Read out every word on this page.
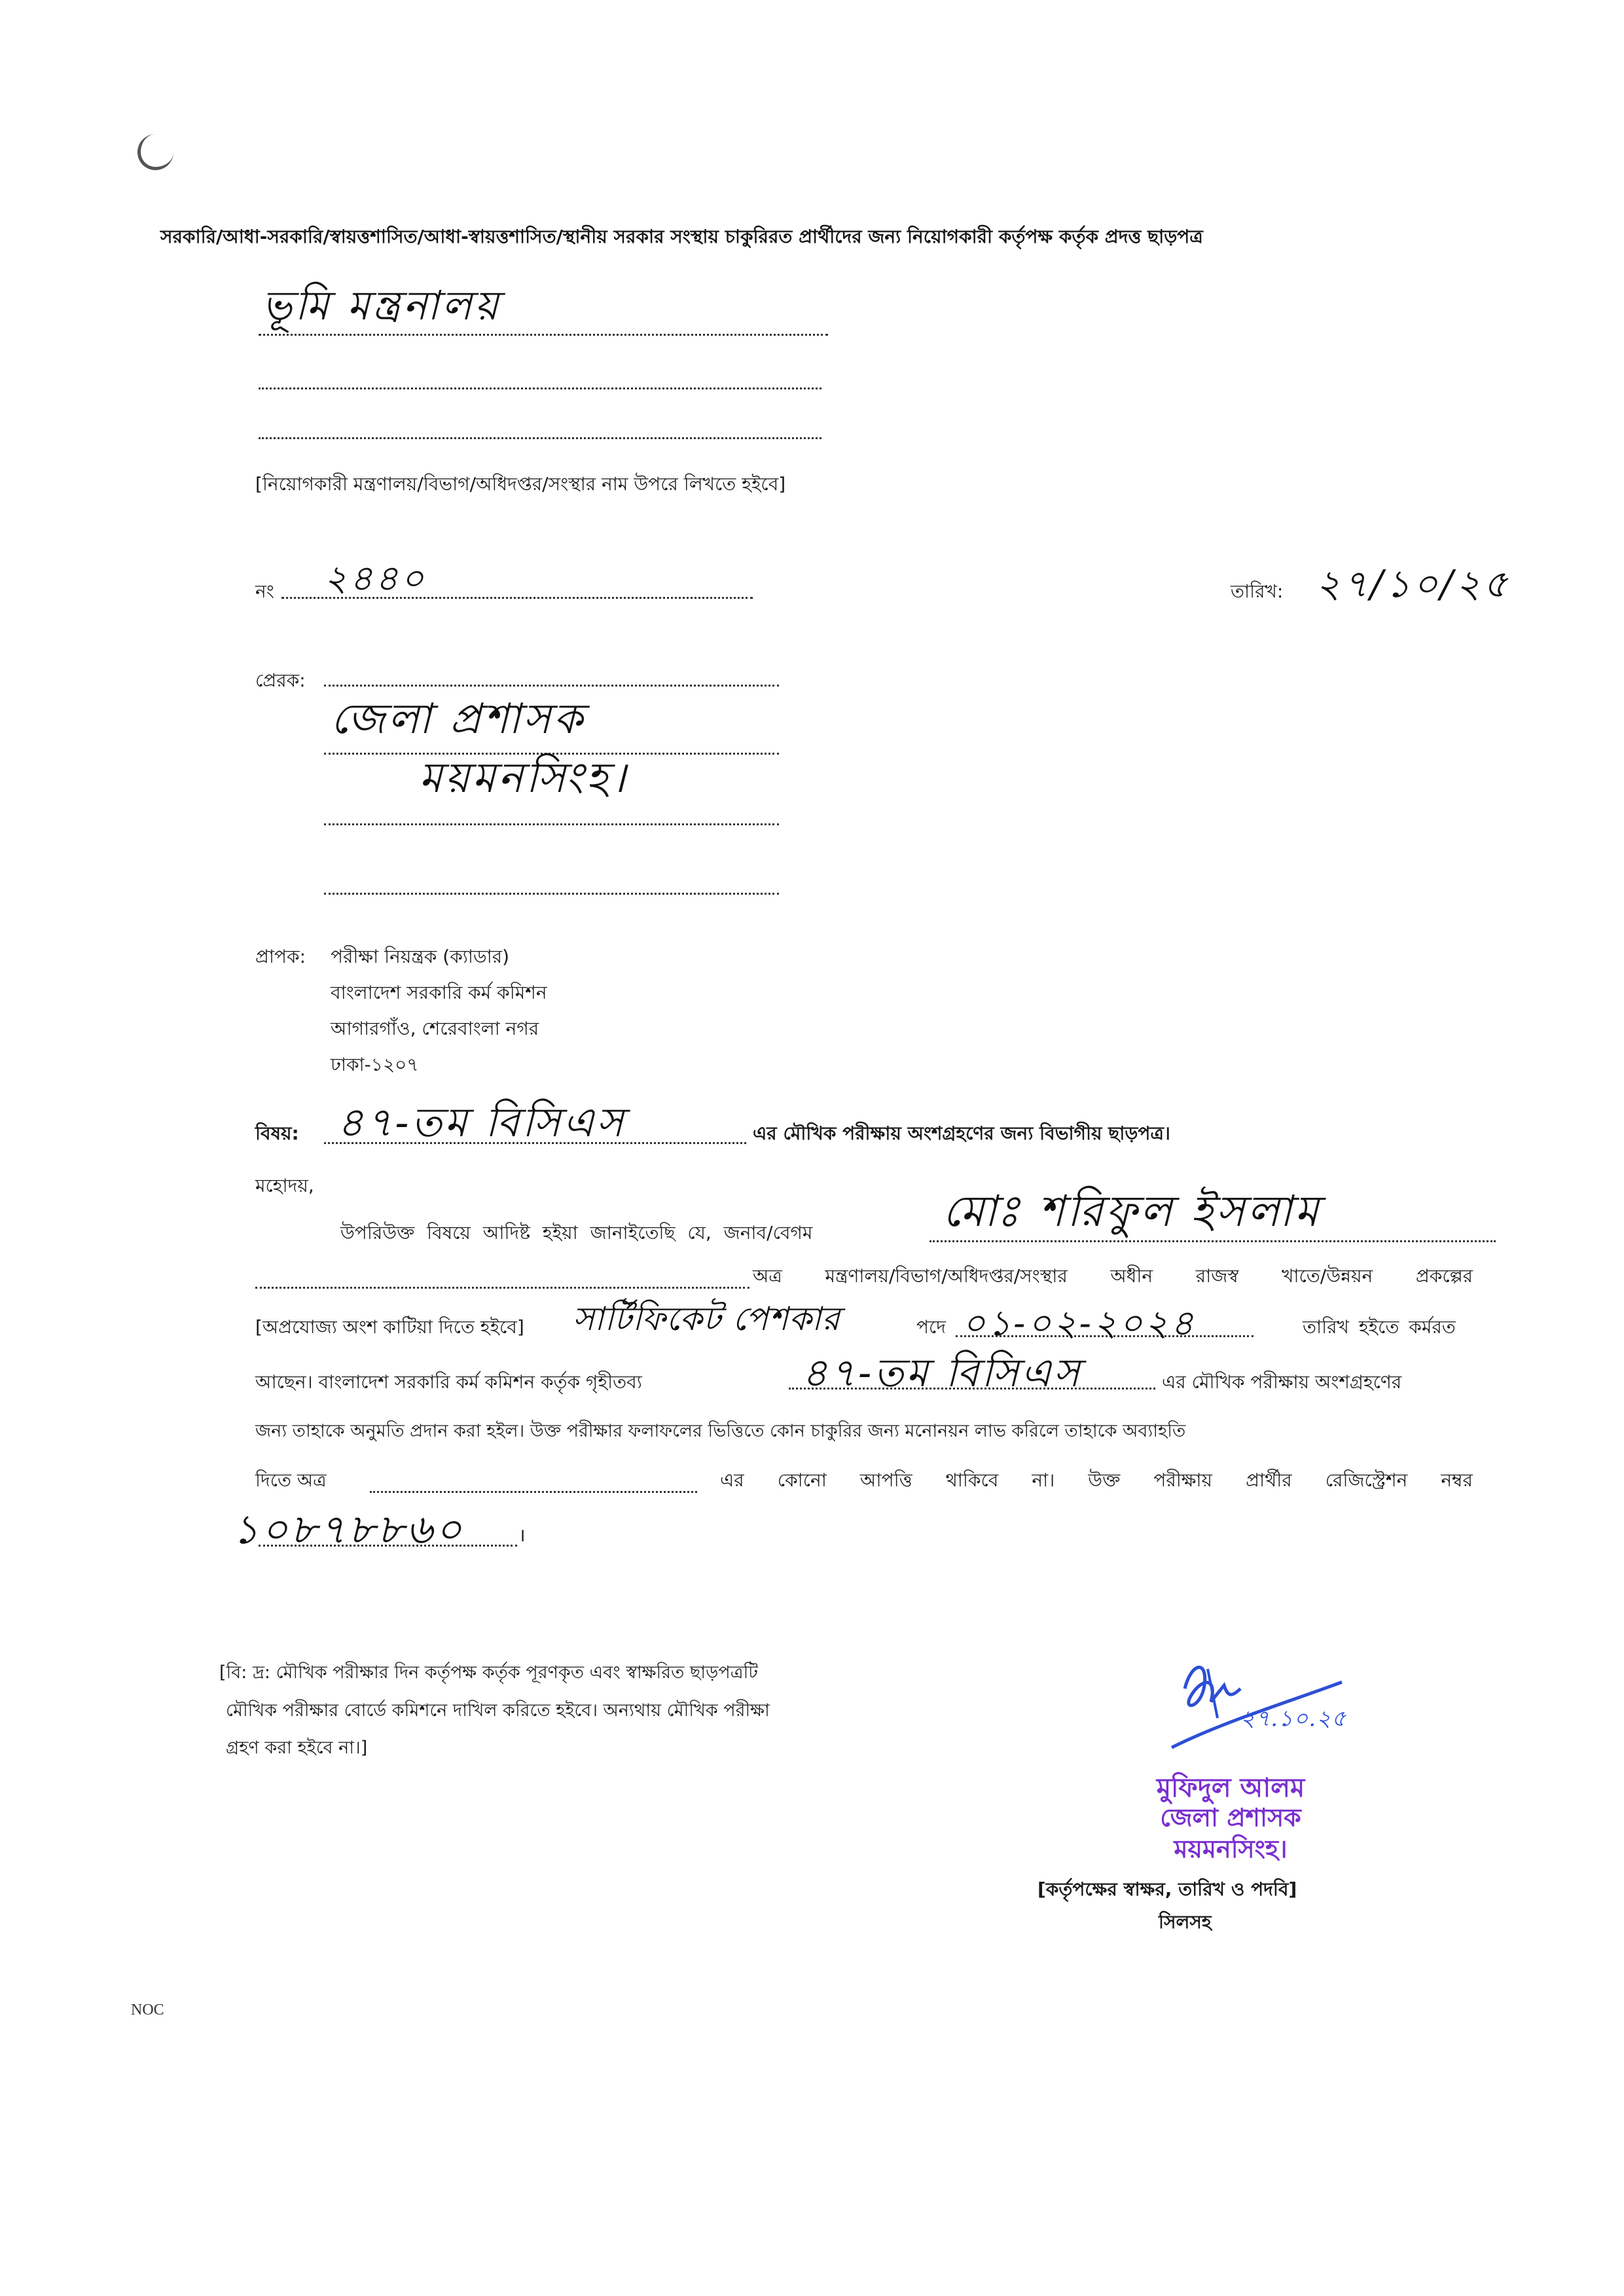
সরকারি/আধা-সরকারি/স্বায়ত্তশাসিত/আধা-স্বায়ত্তশাসিত/স্থানীয় সরকার সংস্থায় চাকুরিরত প্রার্থীদের জন্য নিয়োগকারী কর্তৃপক্ষ কর্তৃক প্রদত্ত ছাড়পত্র
ভূমি মন্ত্রনালয়
[নিয়োগকারী মন্ত্রণালয়/বিভাগ/অধিদপ্তর/সংস্থার নাম উপরে লিখতে হইবে]
নং ২৪৪০	তারিখ: ২৭/১০/২৫
প্রেরক:
জেলা প্রশাসক
ময়মনসিংহ।
প্রাপক: পরীক্ষা নিয়ন্ত্রক (ক্যাডার)
বাংলাদেশ সরকারি কর্ম কমিশন
আগারগাঁও, শেরেবাংলা নগর
ঢাকা-১২০৭
বিষয়: ৪৭-তম বিসিএস	এর মৌখিক পরীক্ষায় অংশগ্রহণের জন্য বিভাগীয় ছাড়পত্র।
মহোদয়,
উপরিউক্ত বিষয়ে আদিষ্ট হইয়া জানাইতেছি যে, জনাব/বেগম	মোঃ শরিফুল ইসলাম
অত্র মন্ত্রণালয়/বিভাগ/অধিদপ্তর/সংস্থার অধীন রাজস্ব খাতে/উন্নয়ন প্রকল্পের
[অপ্রযোজ্য অংশ কাটিয়া দিতে হইবে] সার্টিফিকেট পেশকার	পদে ০১-০২-২০২৪	তারিখ হইতে কর্মরত
আছেন। বাংলাদেশ সরকারি কর্ম কমিশন কর্তৃক গৃহীতব্য	৪৭-তম বিসিএস	এর মৌখিক পরীক্ষায় অংশগ্রহণের
জন্য তাহাকে অনুমতি প্রদান করা হইল। উক্ত পরীক্ষার ফলাফলের ভিত্তিতে কোন চাকুরির জন্য মনোনয়ন লাভ করিলে তাহাকে অব্যাহতি
দিতে অত্র	এর কোনো আপত্তি থাকিবে না। উক্ত পরীক্ষায় প্রার্থীর রেজিস্ট্রেশন নম্বর
১০৮৭৮৮৬০	।
[বি: দ্র: মৌখিক পরীক্ষার দিন কর্তৃপক্ষ কর্তৃক পূরণকৃত এবং স্বাক্ষরিত ছাড়পত্রটি
মৌখিক পরীক্ষার বোর্ডে কমিশনে দাখিল করিতে হইবে। অন্যথায় মৌখিক পরীক্ষা
গ্রহণ করা হইবে না।]
২৭.১০.২৫
মুফিদুল আলম
জেলা প্রশাসক
ময়মনসিংহ।
[কর্তৃপক্ষের স্বাক্ষর, তারিখ ও পদবি]
সিলসহ
NOC
